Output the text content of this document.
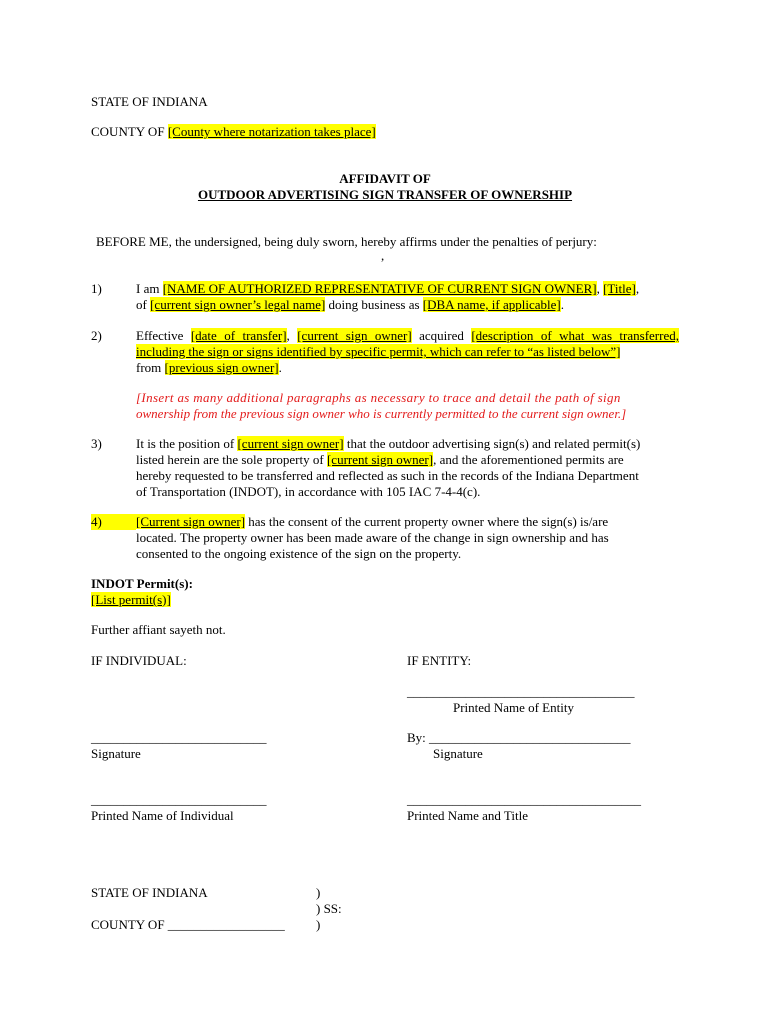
STATE OF INDIANA
COUNTY OF [County where notarization takes place]
AFFIDAVIT OF
OUTDOOR ADVERTISING SIGN TRANSFER OF OWNERSHIP
BEFORE ME, the undersigned, being duly sworn, hereby affirms under the penalties of perjury:
,
1)	I am [NAME OF AUTHORIZED REPRESENTATIVE OF CURRENT SIGN OWNER], [Title],
of [current sign owner’s legal name] doing business as [DBA name, if applicable].
2)	Effective [date of transfer], [current sign owner] acquired [description of what was transferred,
including the sign or signs identified by specific permit, which can refer to “as listed below”]
from [previous sign owner].
[Insert as many additional paragraphs as necessary to trace and detail the path of sign
ownership from the previous sign owner who is currently permitted to the current sign owner.]
3)	It is the position of [current sign owner] that the outdoor advertising sign(s) and related permit(s)
listed herein are the sole property of [current sign owner], and the aforementioned permits are
hereby requested to be transferred and reflected as such in the records of the Indiana Department
of Transportation (INDOT), in accordance with 105 IAC 7-4-4(c).
4)	[Current sign owner] has the consent of the current property owner where the sign(s) is/are
located. The property owner has been made aware of the change in sign ownership and has
consented to the ongoing existence of the sign on the property.
INDOT Permit(s):
[List permit(s)]
Further affiant sayeth not.
IF INDIVIDUAL:
___________________________
Signature
___________________________
Printed Name of Individual
IF ENTITY:
___________________________________
Printed Name of Entity
By: _______________________________
Signature
____________________________________
Printed Name and Title
STATE OF INDIANA
COUNTY OF __________________
)
) SS:
)
